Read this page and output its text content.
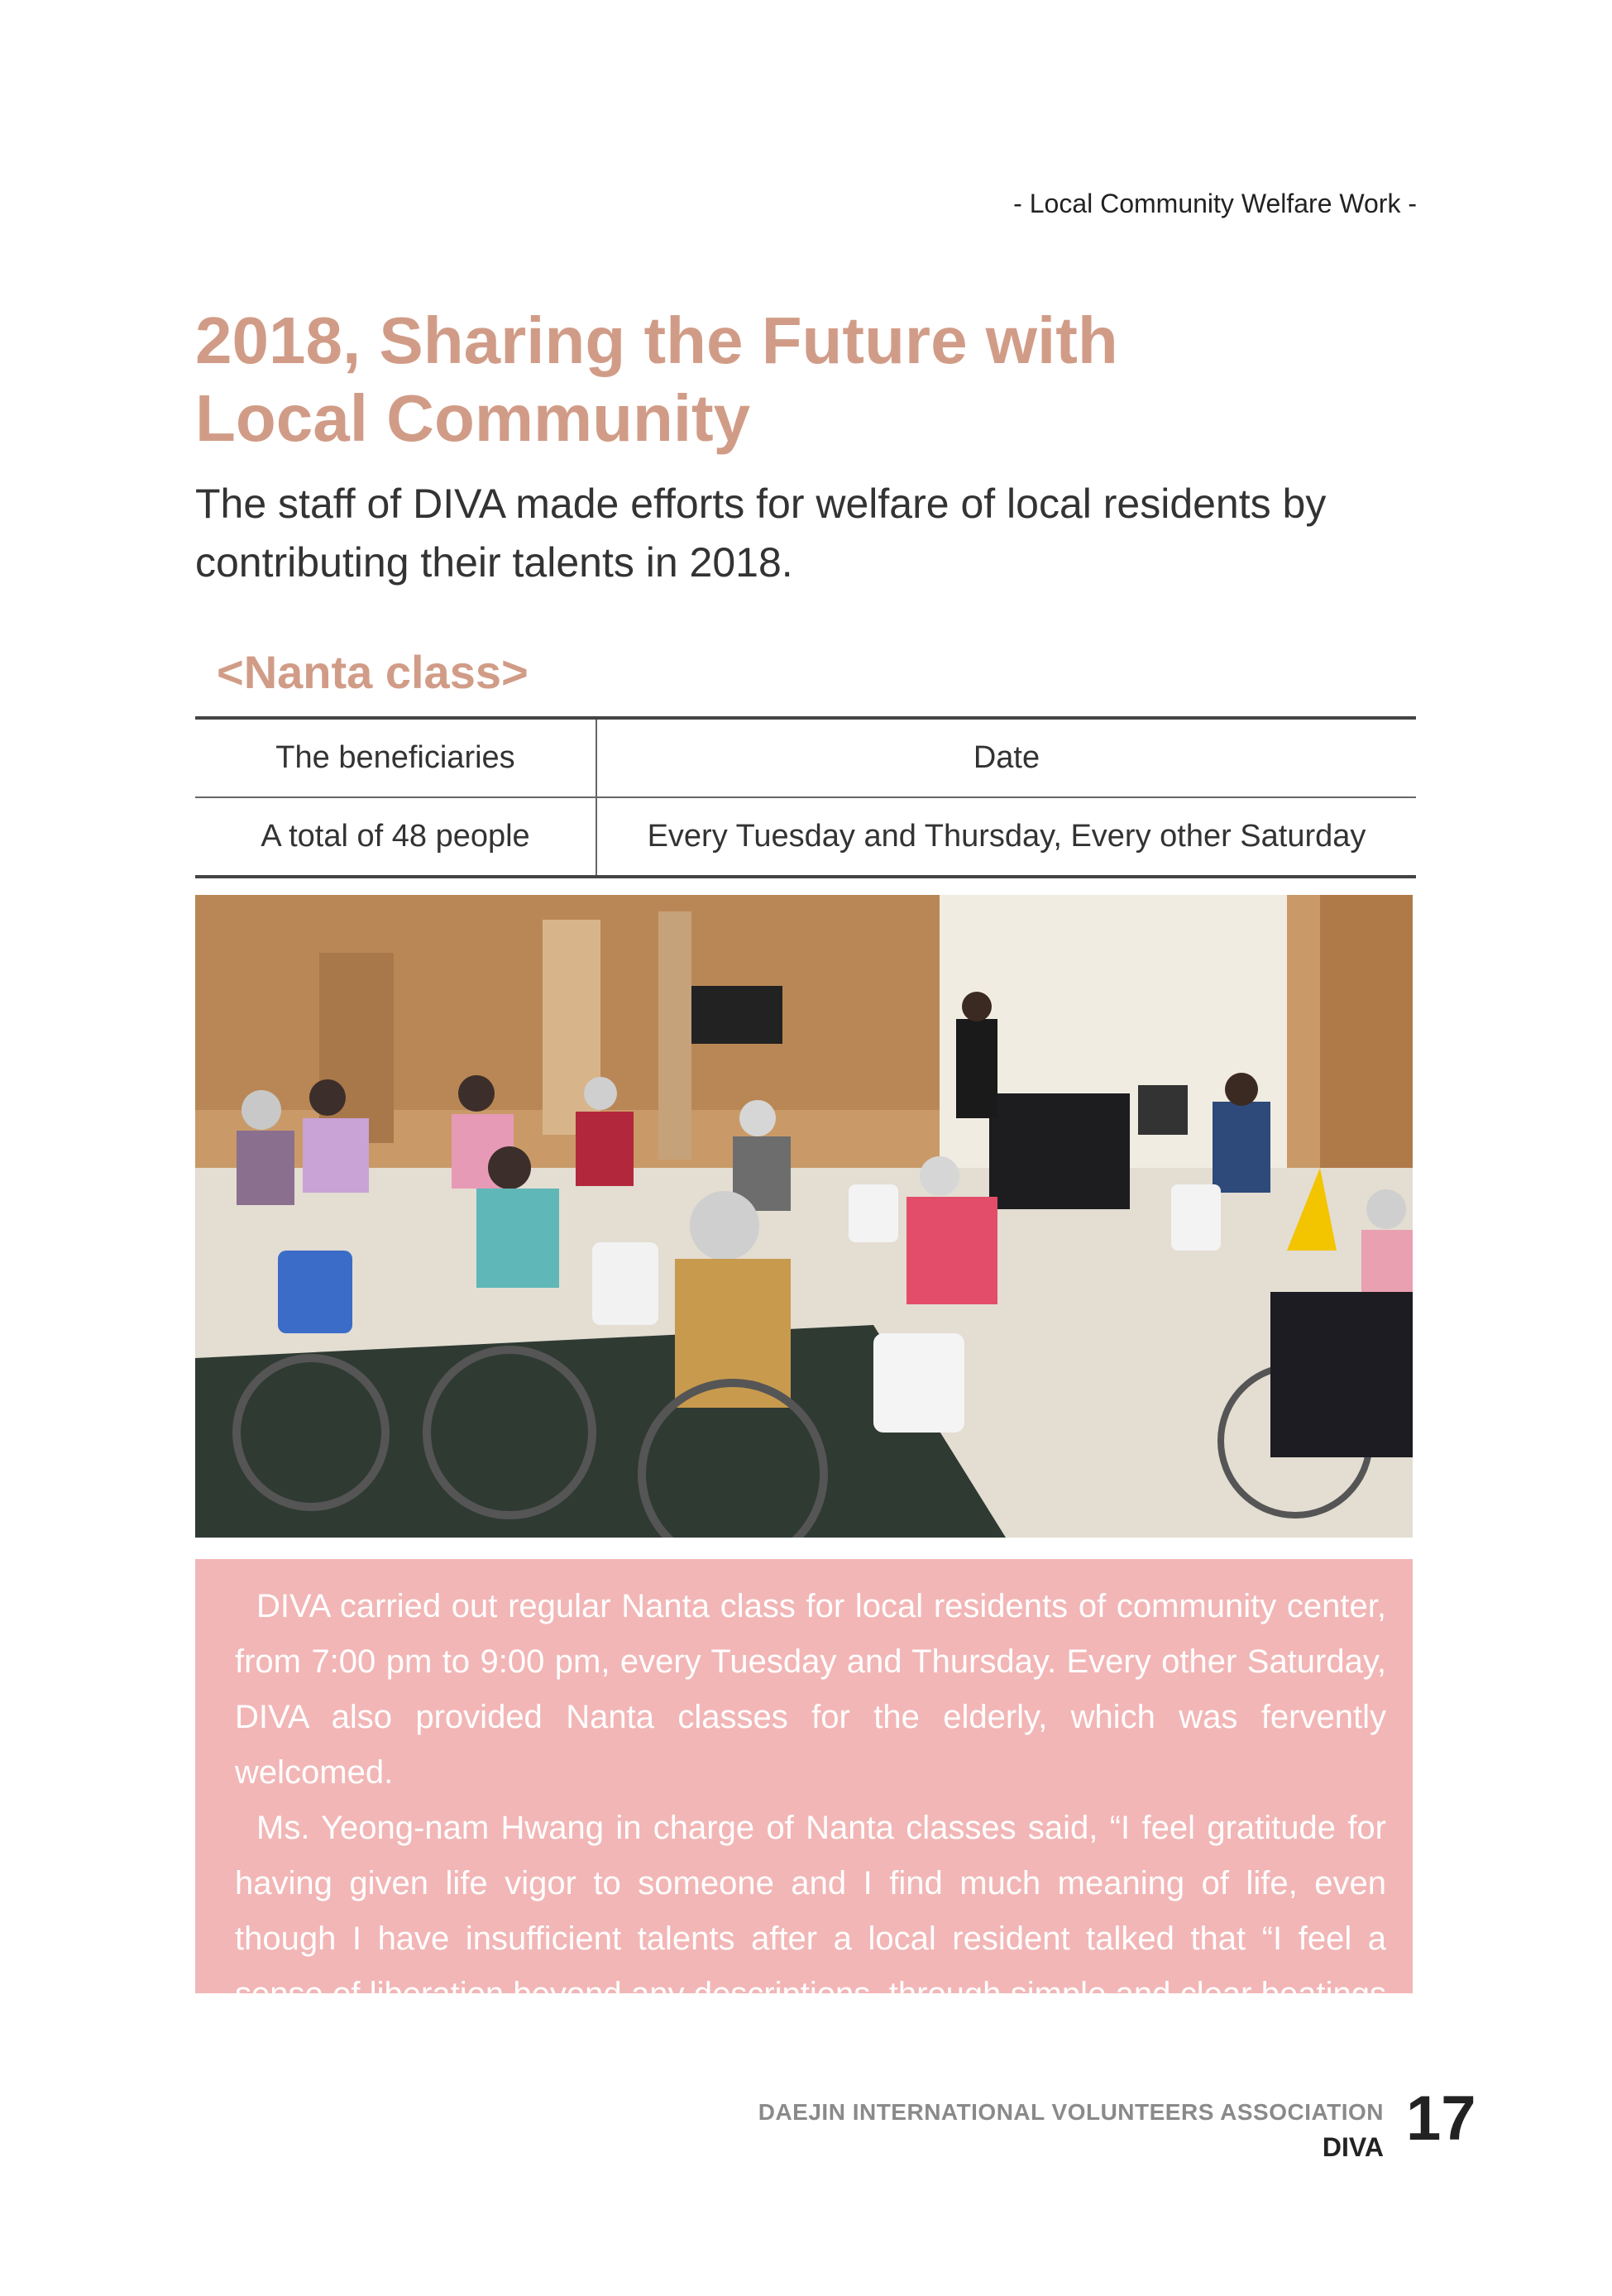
- Local Community Welfare Work -
2018, Sharing the Future with
Local Community

The staff of DIVA made efforts for welfare of local residents by contributing their talents in 2018.

<Nanta class>
The beneficiaries	Date
A total of 48 people	Every Tuesday and Thursday, Every other Saturday

DIVA carried out regular Nanta class for local residents of community center, from 7:00 pm to 9:00 pm, every Tuesday and Thursday. Every other Saturday, DIVA also provided Nanta classes for the elderly, which was fervently welcomed.

Ms. Yeong-nam Hwang in charge of Nanta classes said, “I feel gratitude for having given life vigor to someone and I find much meaning of life, even though I have insufficient talents after a local resident talked that “I feel a sense of liberation beyond any descriptions, through simple and clear beatings in the complex world.”

DAEJIN INTERNATIONAL VOLUNTEERS ASSOCIATION
DIVA 17
